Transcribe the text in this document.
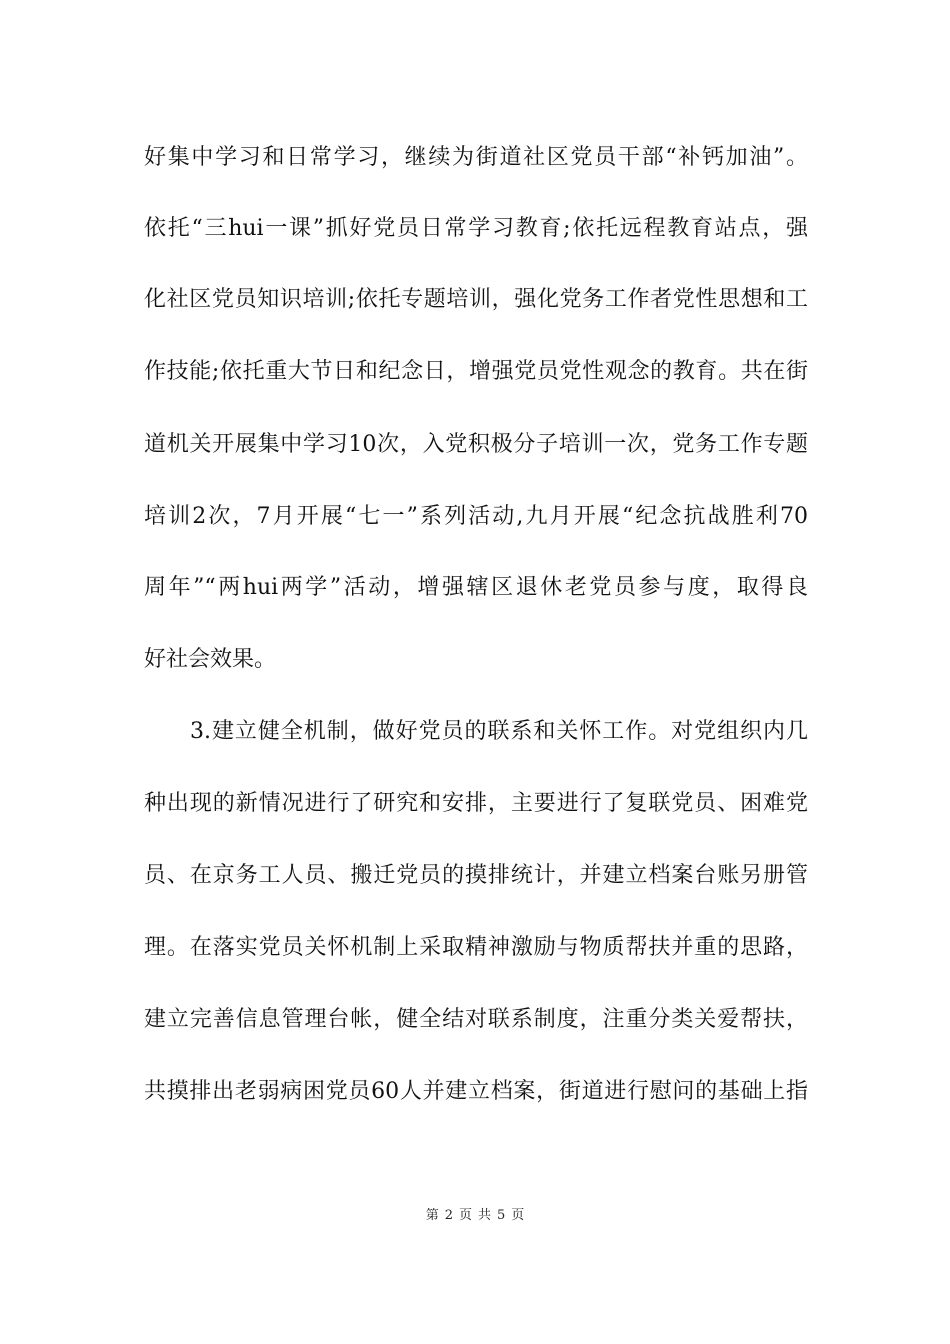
好集中学习和日常学习，继续为街道社区党员干部“补钙加油”。
依托“三hui一课”抓好党员日常学习教育;依托远程教育站点，强
化社区党员知识培训;依托专题培训，强化党务工作者党性思想和工
作技能;依托重大节日和纪念日，增强党员党性观念的教育。共在街
道机关开展集中学习10次，入党积极分子培训一次，党务工作专题
培训2次，7月开展“七一”系列活动,九月开展“纪念抗战胜利70
周年”“两hui两学”活动，增强辖区退休老党员参与度，取得良
好社会效果。
3.建立健全机制，做好党员的联系和关怀工作。对党组织内几
种出现的新情况进行了研究和安排，主要进行了复联党员、困难党
员、在京务工人员、搬迁党员的摸排统计，并建立档案台账另册管
理。在落实党员关怀机制上采取精神激励与物质帮扶并重的思路，
建立完善信息管理台帐，健全结对联系制度，注重分类关爱帮扶，
共摸排出老弱病困党员60人并建立档案，街道进行慰问的基础上指
第 2 页 共 5 页
